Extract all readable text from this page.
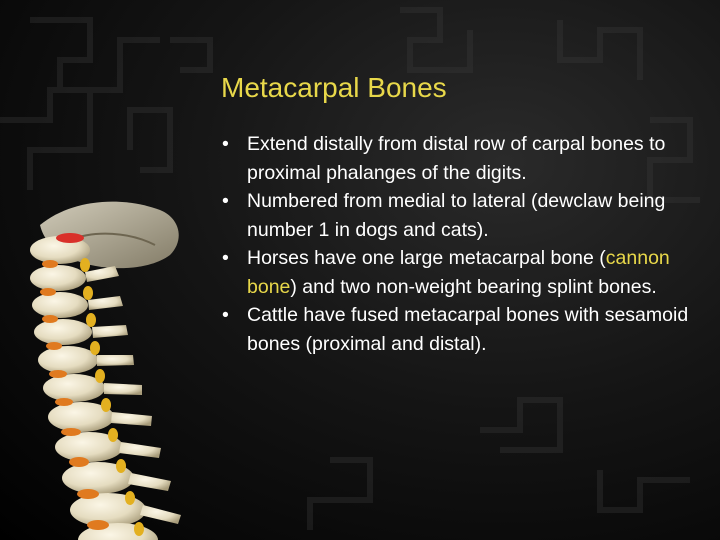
Metacarpal Bones
• Extend distally from distal row of carpal bones to proximal phalanges of the digits.
• Numbered from medial to lateral (dewclaw being number 1 in dogs and cats).
• Horses have one large metacarpal bone (cannon bone) and two non-weight bearing splint bones.
• Cattle have fused metacarpal bones with sesamoid bones (proximal and distal).
